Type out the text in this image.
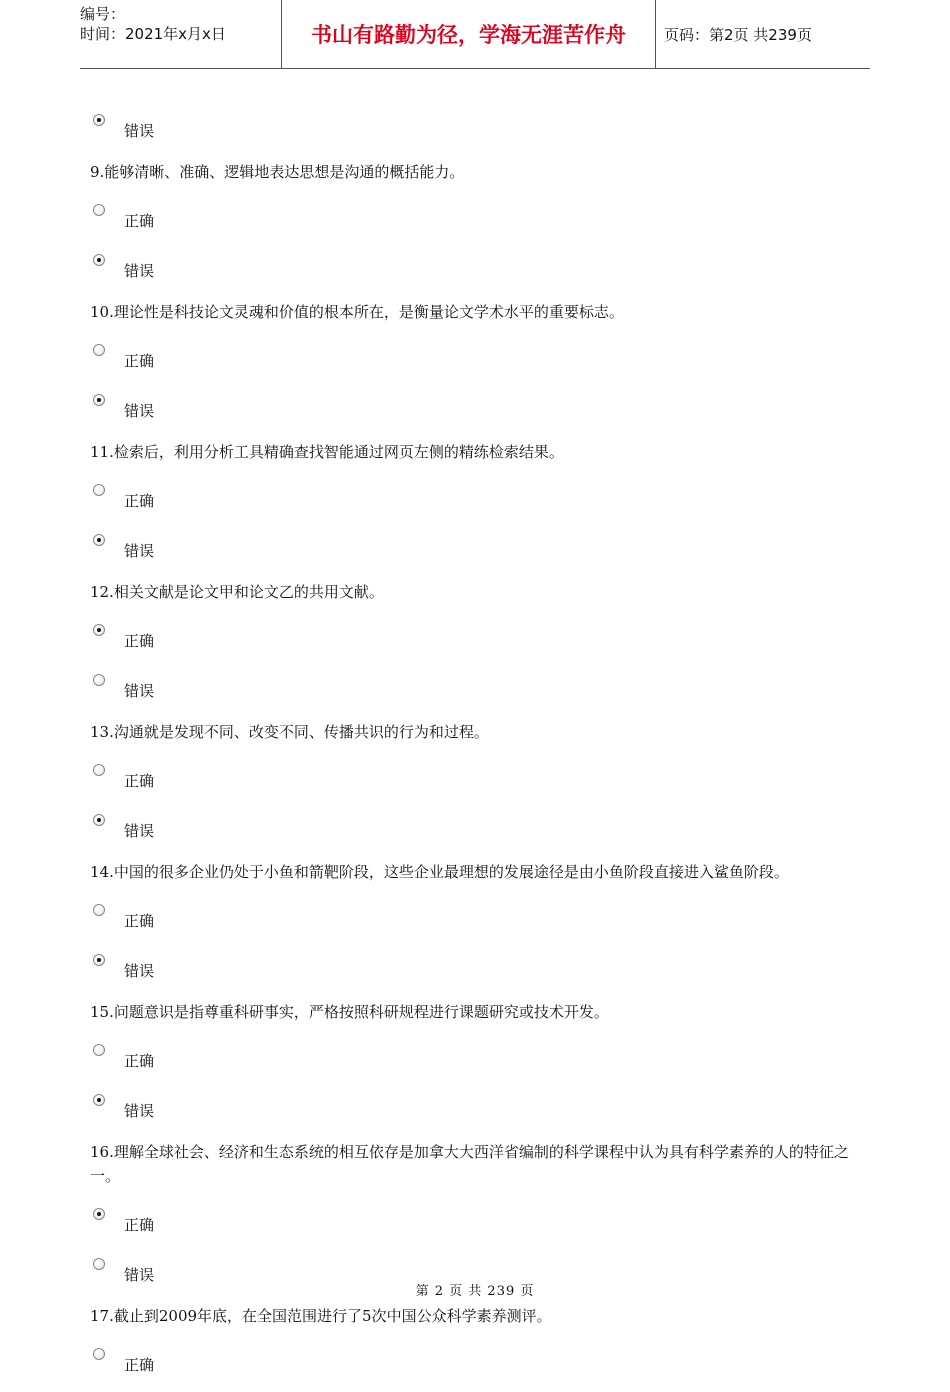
编号：
时间：2021年x月x日	书山有路勤为径，学海无涯苦作舟	页码：第2页 共239页
错误
9.能够清晰、准确、逻辑地表达思想是沟通的概括能力。
正确
错误
10.理论性是科技论文灵魂和价值的根本所在，是衡量论文学术水平的重要标志。
正确
错误
11.检索后，利用分析工具精确查找智能通过网页左侧的精练检索结果。
正确
错误
12.相关文献是论文甲和论文乙的共用文献。
正确
错误
13.沟通就是发现不同、改变不同、传播共识的行为和过程。
正确
错误
14.中国的很多企业仍处于小鱼和箭靶阶段，这些企业最理想的发展途径是由小鱼阶段直接进入鲨鱼阶段。
正确
错误
15.问题意识是指尊重科研事实，严格按照科研规程进行课题研究或技术开发。
正确
错误
16.理解全球社会、经济和生态系统的相互依存是加拿大大西洋省编制的科学课程中认为具有科学素养的人的特征之一。
正确
错误
17.截止到2009年底，在全国范围进行了5次中国公众科学素养测评。
正确
第 2 页 共 239 页
